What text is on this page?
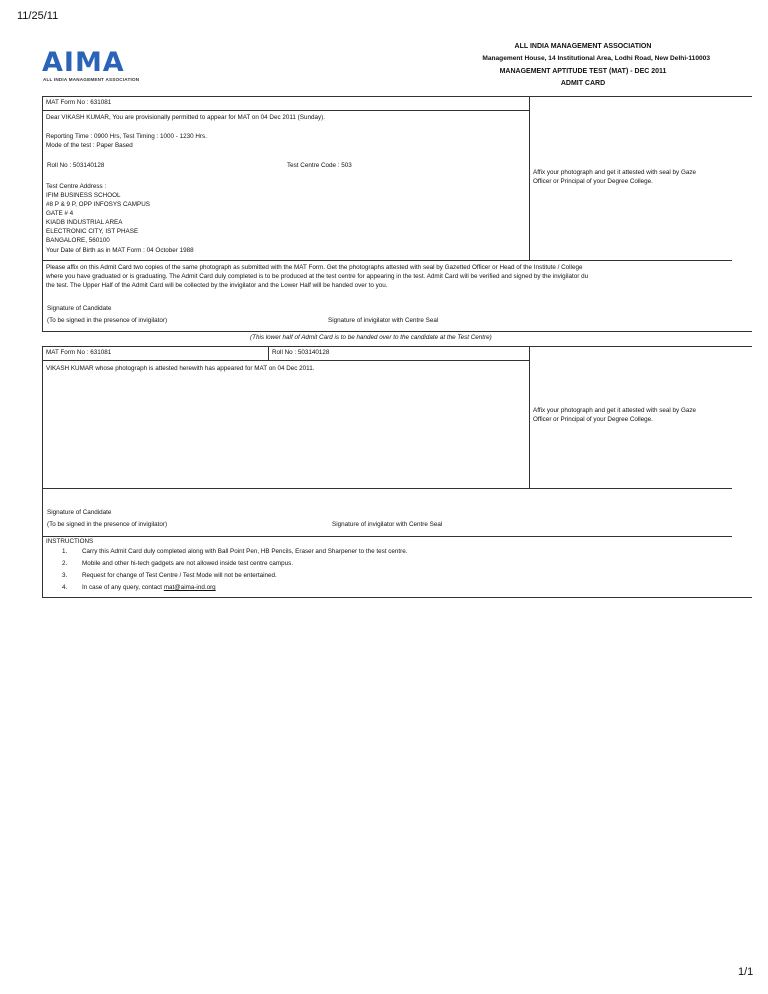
11/25/11
1/1
AIMA
ALL INDIA MANAGEMENT ASSOCIATION
ALL INDIA MANAGEMENT ASSOCIATION
Management House, 14 Institutional Area, Lodhi Road, New Delhi-110003
MANAGEMENT APTITUDE TEST (MAT) - DEC 2011
ADMIT CARD
MAT Form No : 631081
Dear VIKASH KUMAR, You are provisionally permitted to appear for MAT on 04 Dec 2011 (Sunday).
Reporting Time : 0900 Hrs, Test Timing : 1000 - 1230 Hrs.
Mode of the test : Paper Based
Roll No : 503140128	Test Centre Code : 503
Test Centre Address :
IFIM BUSINESS SCHOOL
#8 P & 9 P, OPP INFOSYS CAMPUS
GATE # 4
KIADB INDUSTRIAL AREA
ELECTRONIC CITY, IST PHASE
BANGALORE, 560100
Your Date of Birth as in MAT Form : 04 October 1988
Affix your photograph and get it attested with seal by Gaze
Officer or Principal of your Degree College.
Please affix on this Admit Card two copies of the same photograph as submitted with the MAT Form. Get the photographs attested with seal by Gazetted Officer or Head of the Institute / College
where you have graduated or is graduating. The Admit Card duly completed is to be produced at the test centre for appearing in the test. Admit Card will be verified and signed by the invigilator du
the test. The Upper Half of the Admit Card will be collected by the invigilator and the Lower Half will be handed over to you.
Signature of Candidate
(To be signed in the presence of invigilator)	Signature of invigilator with Centre Seal
(This lower half of Admit Card is to be handed over to the candidate at the Test Centre)
MAT Form No : 631081	Roll No : 503140128
VIKASH KUMAR whose photograph is attested herewith has appeared for MAT on 04 Dec 2011.
Affix your photograph and get it attested with seal by Gaze
Officer or Principal of your Degree College.
Signature of Candidate
(To be signed in the presence of invigilator)	Signature of invigilator with Centre Seal
INSTRUCTIONS
1. Carry this Admit Card duly completed along with Ball Point Pen, HB Pencils, Eraser and Sharpener to the test centre.
2. Mobile and other hi-tech gadgets are not allowed inside test centre campus.
3. Request for change of Test Centre / Test Mode will not be entertained.
4. In case of any query, contact mat@aima-ind.org
